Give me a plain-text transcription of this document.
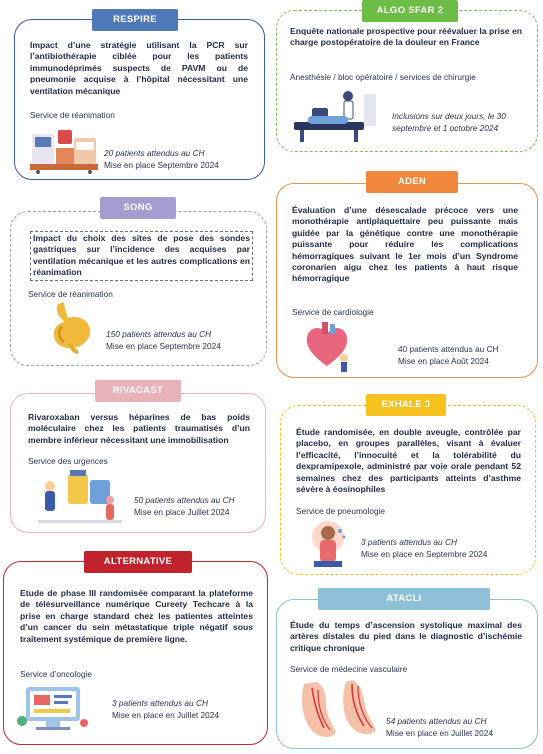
RESPIRE
Impact d’une stratégie utilisant la PCR sur l’antibiothérapie ciblée pour les patients immunodéprimés suspects de PAVM ou de pneumonie acquise à l’hôpital nécessitant une ventilation mécanique
Service de réanimation
20 patients attendus au CH
Mise en place Septembre 2024
SONG
Impact du choix des sites de pose des sondes gastriques sur l’incidence des acquises par ventilation mécanique et les autres complications en réanimation
Service de réanimation
150 patients attendus au CH
Mise en place Septembre 2024
RIVACAST
Rivaroxaban versus héparines de bas poids moléculaire chez les patients traumatisés d’un membre inférieur nécessitant une immobilisation
Service des urgences
50 patients attendus au CH
Mise en place Juillet 2024
ALTERNATIVE
Etude de phase III randomisée comparant la plateforme de télésurveillance numérique Cureety Techcare à la prise en charge standard chez les patientes atteintes d’un cancer du sein métastatique triple négatif sous traitement systémique de première ligne.
Service d’oncologie
3 patients attendus au CH
Mise en place en Juillet 2024
ALGO SFAR 2
Enquête nationale prospective pour réévaluer la prise en charge postopératoire de la douleur en France
Anesthésie / bloc opératoire / services de chirurgie
Inclusions sur deux jours, le 30 septembre et 1 octobre 2024
ADEN
Évaluation d’une désescalade précoce vers une monothérapie antiplaquettaire peu puissante mais guidée par la génétique contre une monothérapie puissante pour réduire les complications hémorragiques suivant le 1er mois d’un Syndrome coronarien aigu chez les patients à haut risque hémorragique
Service de cardiologie
40 patients attendus au CH
Mise en place Août 2024
EXHALE 3
Étude randomisée, en double aveugle, contrôlée par placebo, en groupes parallèles, visant à évaluer l’efficacité, l’innocuité et la tolérabilité du dexpramipexole, administré par voie orale pendant 52 semaines chez des participants atteints d’asthme sévère à éosinophiles
Service de pneumologie
3 patients attendus au CH
Mise en place en Septembre 2024
ATACLI
Étude du temps d’ascension systolique maximal des artères distales du pied dans le diagnostic d’ischémie critique chronique
Service de médecine vasculaire
54 patients attendus au CH
Mise en place en Juillet 2024
